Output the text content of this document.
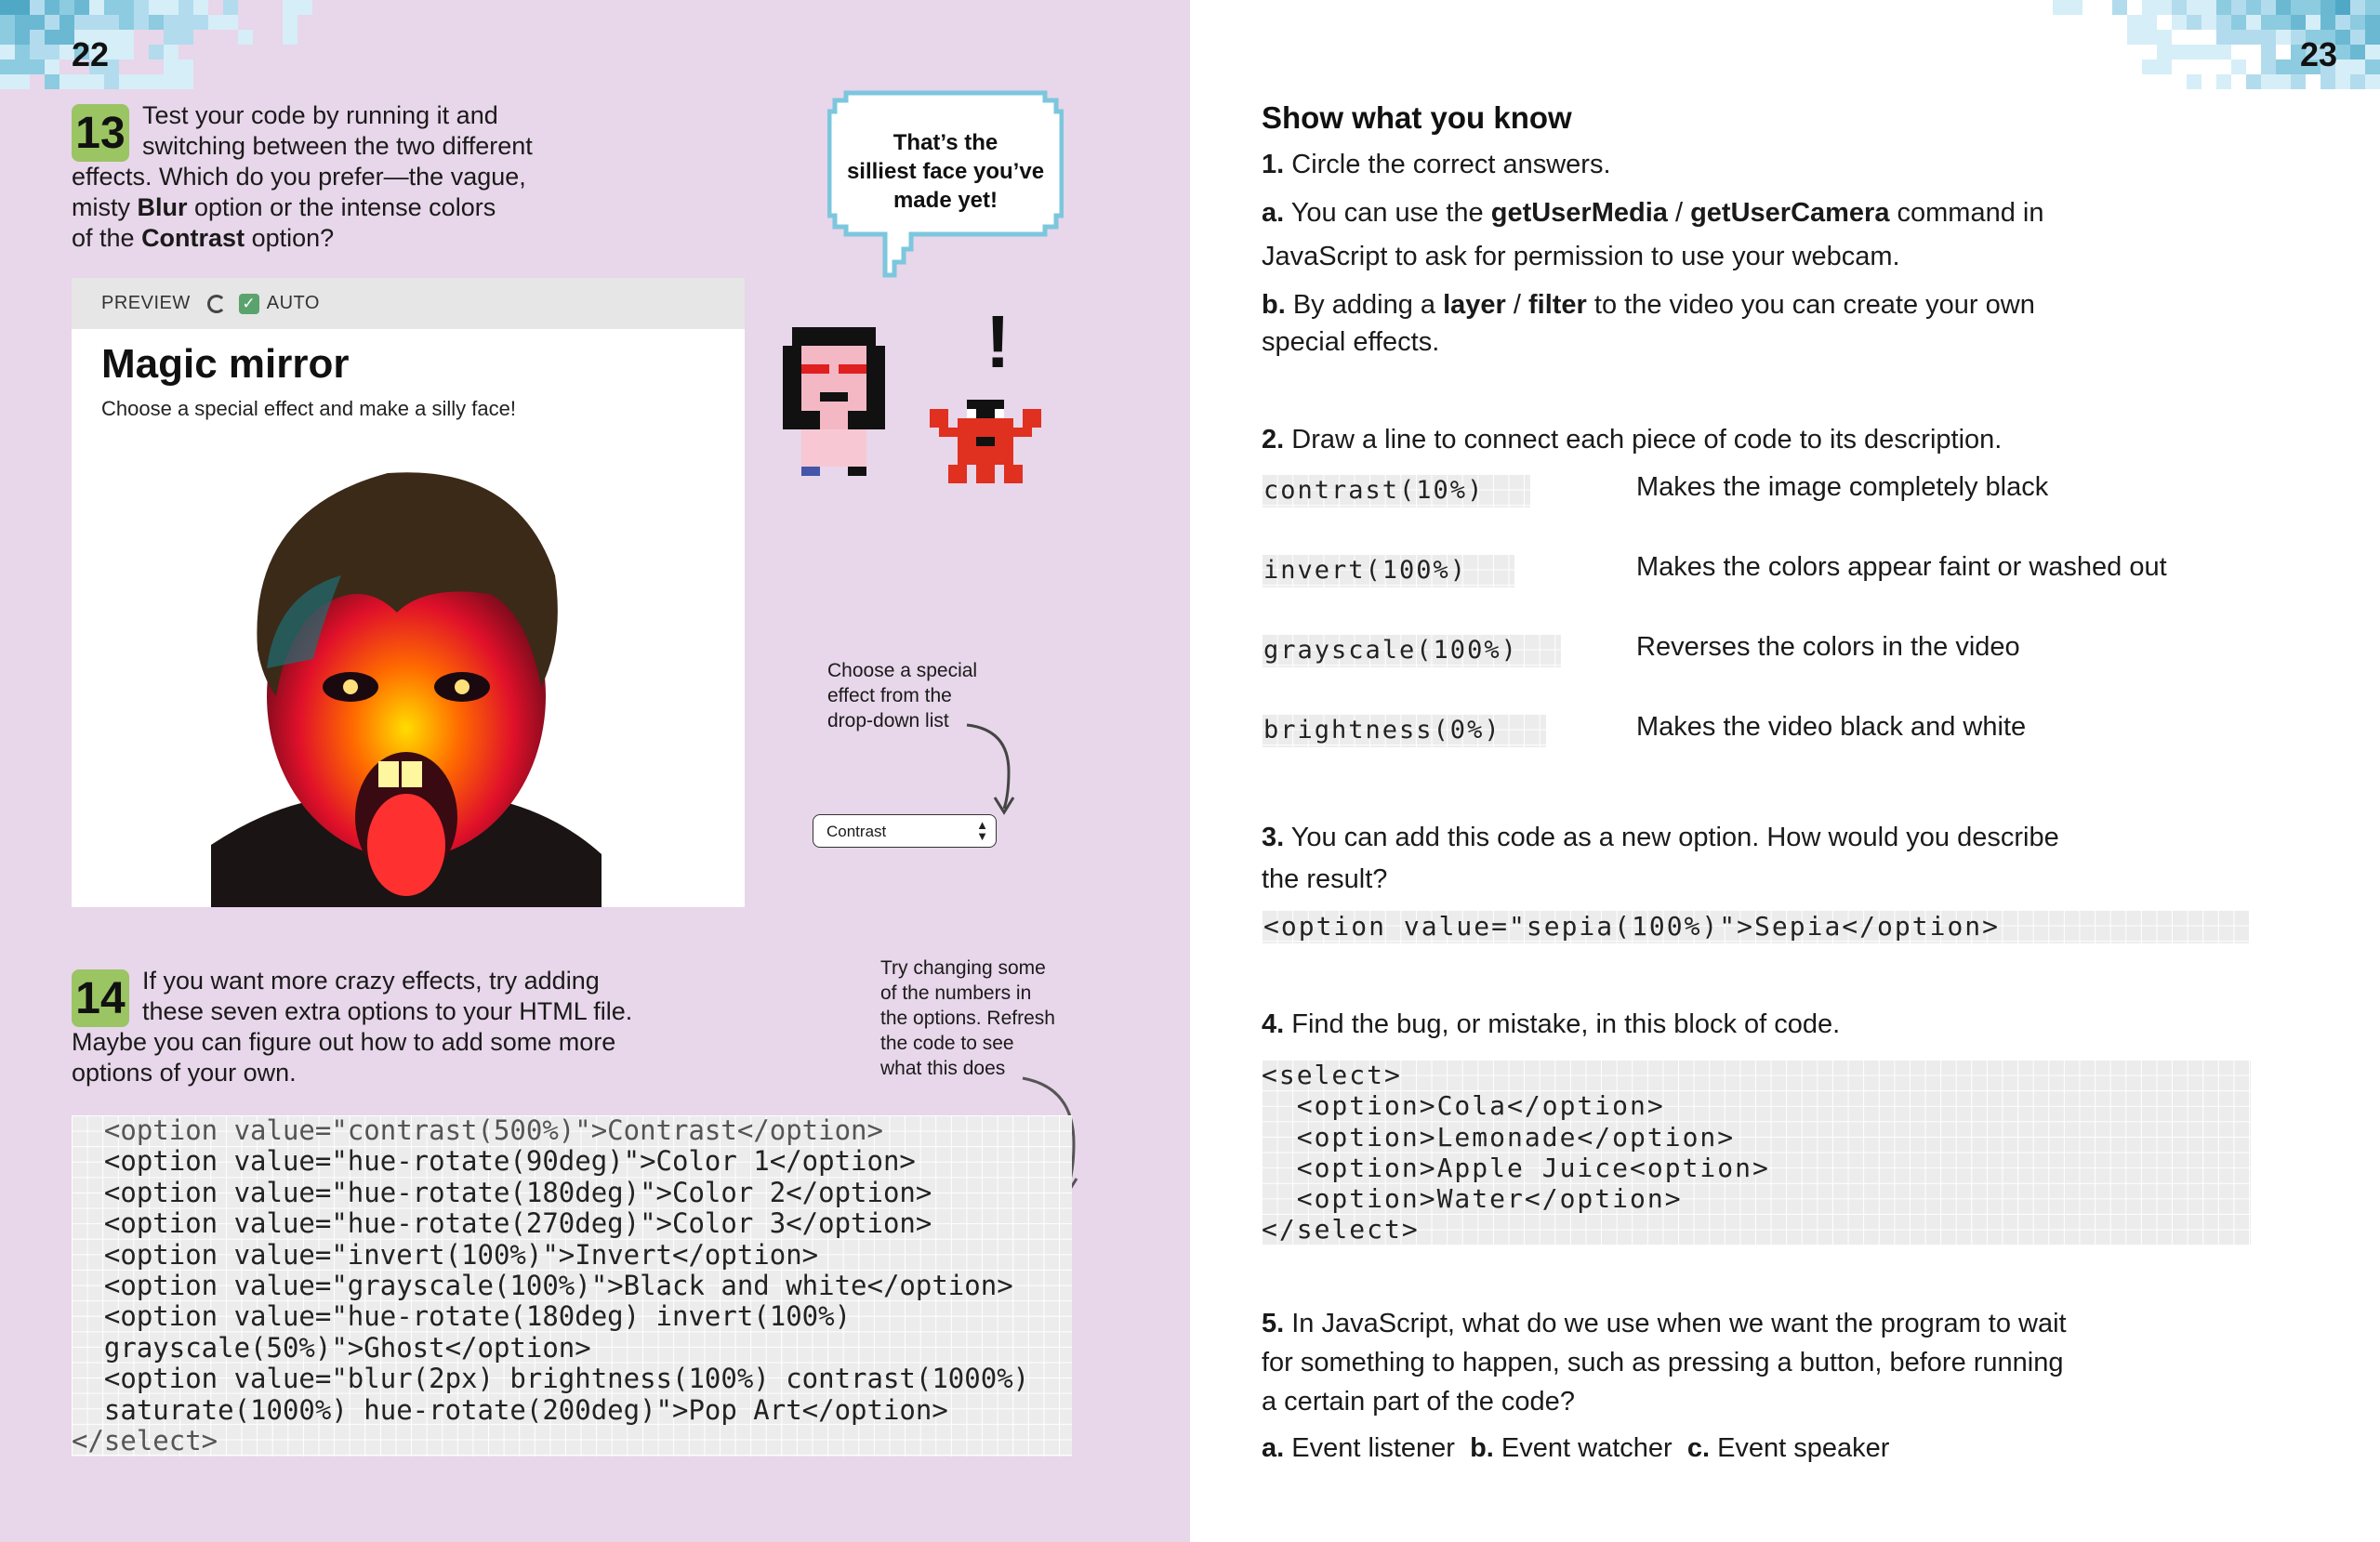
22
13 Test your code by running it and
switching between the two different
effects. Which do you prefer—the vague,
misty Blur option or the intense colors
of the Contrast option?
PREVIEW	✓ AUTO
Magic mirror
Choose a special effect and make a silly face!
That’s the
silliest face you’ve
made yet!
!
Choose a special
effect from the
drop-down list
Contrast	▲
▼
14 If you want more crazy effects, try adding
these seven extra options to your HTML file.
Maybe you can figure out how to add some more
options of your own.
Try changing some
of the numbers in
the options. Refresh
the code to see
what this does
<option value="contrast(500%)">Contrast</option>
<option value="hue-rotate(90deg)">Color 1</option>
<option value="hue-rotate(180deg)">Color 2</option>
<option value="hue-rotate(270deg)">Color 3</option>
<option value="invert(100%)">Invert</option>
<option value="grayscale(100%)">Black and white</option>
<option value="hue-rotate(180deg) invert(100%)
grayscale(50%)">Ghost</option>
<option value="blur(2px) brightness(100%) contrast(1000%)
saturate(1000%) hue-rotate(200deg)">Pop Art</option>
</select>
23
Show what you know
1. Circle the correct answers.
a. You can use the getUserMedia / getUserCamera command in
JavaScript to ask for permission to use your webcam.
b. By adding a layer / filter to the video you can create your own
special effects.
2. Draw a line to connect each piece of code to its description.
contrast(10%)
invert(100%)
grayscale(100%)
brightness(0%)
Makes the image completely black
Makes the colors appear faint or washed out
Reverses the colors in the video
Makes the video black and white
3. You can add this code as a new option. How would you describe
the result?
<option value="sepia(100%)">Sepia</option>
4. Find the bug, or mistake, in this block of code.
<select>
<option>Cola</option>
<option>Lemonade</option>
<option>Apple Juice<option>
<option>Water</option>
</select>
5. In JavaScript, what do we use when we want the program to wait
for something to happen, such as pressing a button, before running
a certain part of the code?
a. Event listener b. Event watcher c. Event speaker
